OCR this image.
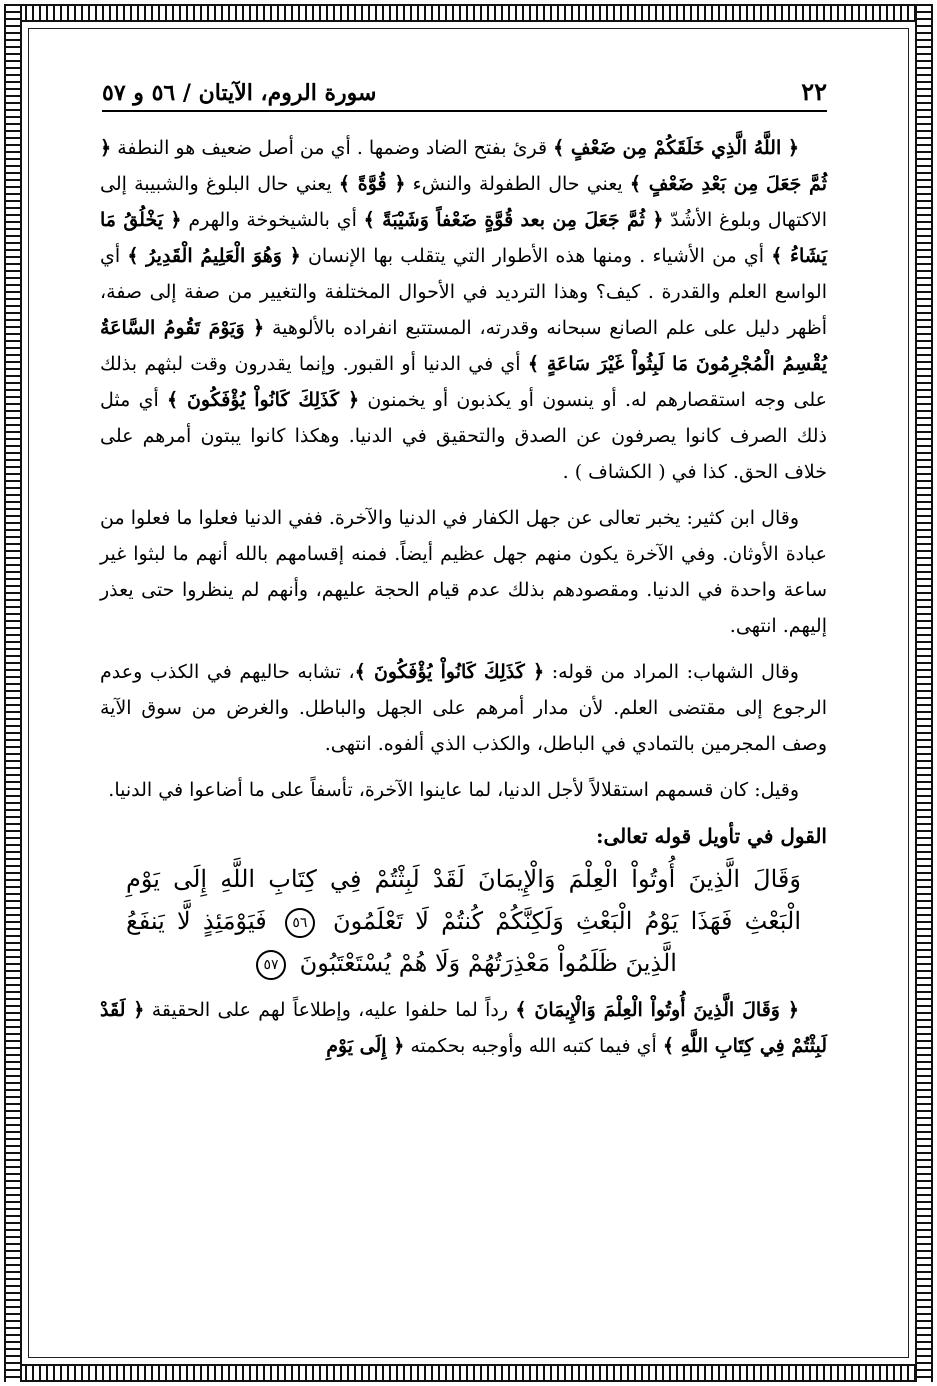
٢٢
سورة الروم، الآيتان / ٥٦ و ٥٧

﴿ اللَّهُ الَّذِي خَلَقَكُمْ مِن ضَعْفٍ ﴾ قرئ بفتح الضاد وضمها . أي من أصل ضعيف هو النطفة ﴿ ثُمَّ جَعَلَ مِن بَعْدِ ضَعْفٍ ﴾ يعني حال الطفولة والنشء ﴿ قُوَّةً ﴾ يعني حال البلوغ والشبيبة إلى الاكتهال وبلوغ الأشُدّ ﴿ ثُمَّ جَعَلَ مِن بعد قُوَّةٍ ضَعْفاً وَشَيْبَةً ﴾ أي بالشيخوخة والهرم ﴿ يَخْلُقُ مَا يَشَاءُ ﴾ أي من الأشياء . ومنها هذه الأطوار التي يتقلب بها الإنسان ﴿ وَهُوَ الْعَلِيمُ الْقَدِيرُ ﴾ أي الواسع العلم والقدرة . كيف؟ وهذا الترديد في الأحوال المختلفة والتغيير من صفة إلى صفة، أظهر دليل على علم الصانع سبحانه وقدرته، المستتبع انفراده بالألوهية ﴿ وَيَوْمَ تَقُومُ السَّاعَةُ يُقْسِمُ الْمُجْرِمُونَ مَا لَبِثُواْ غَيْرَ سَاعَةٍ ﴾ أي في الدنيا أو القبور. وإنما يقدرون وقت لبثهم بذلك على وجه استقصارهم له. أو ينسون أو يكذبون أو يخمنون ﴿ كَذَلِكَ كَانُواْ يُؤْفَكُونَ ﴾ أي مثل ذلك الصرف كانوا يصرفون عن الصدق والتحقيق في الدنيا. وهكذا كانوا يبتون أمرهم على خلاف الحق. كذا في ( الكشاف ) .

وقال ابن كثير: يخبر تعالى عن جهل الكفار في الدنيا والآخرة. ففي الدنيا فعلوا ما فعلوا من عبادة الأوثان. وفي الآخرة يكون منهم جهل عظيم أيضاً. فمنه إقسامهم بالله أنهم ما لبثوا غير ساعة واحدة في الدنيا. ومقصودهم بذلك عدم قيام الحجة عليهم، وأنهم لم ينظروا حتى يعذر إليهم. انتهى.

وقال الشهاب: المراد من قوله: ﴿ كَذَلِكَ كَانُواْ يُؤْفَكُونَ ﴾، تشابه حاليهم في الكذب وعدم الرجوع إلى مقتضى العلم. لأن مدار أمرهم على الجهل والباطل. والغرض من سوق الآية وصف المجرمين بالتمادي في الباطل، والكذب الذي ألفوه. انتهى.

وقيل: كان قسمهم استقلالاً لأجل الدنيا، لما عاينوا الآخرة، تأسفاً على ما أضاعوا في الدنيا.

القول في تأويل قوله تعالى:
وَقَالَ الَّذِينَ أُوتُواْ الْعِلْمَ وَالْإِيمَانَ لَقَدْ لَبِثْتُمْ فِي كِتَابِ اللَّهِ إِلَى يَوْمِ الْبَعْثِ فَهَذَا يَوْمُ الْبَعْثِ وَلَكِنَّكُمْ كُنتُمْ لَا تَعْلَمُونَ ٥٦ فَيَوْمَئِذٍ لَّا يَنفَعُ الَّذِينَ ظَلَمُواْ مَعْذِرَتُهُمْ وَلَا هُمْ يُسْتَعْتَبُونَ ٥٧

﴿ وَقَالَ الَّذِينَ أُوتُواْ الْعِلْمَ وَالْإِيمَانَ ﴾ رداً لما حلفوا عليه، وإطلاعاً لهم على الحقيقة ﴿ لَقَدْ لَبِثْتُمْ فِي كِتَابِ اللَّهِ ﴾ أي فيما كتبه الله وأوجبه بحكمته ﴿ إِلَى يَوْمِ
